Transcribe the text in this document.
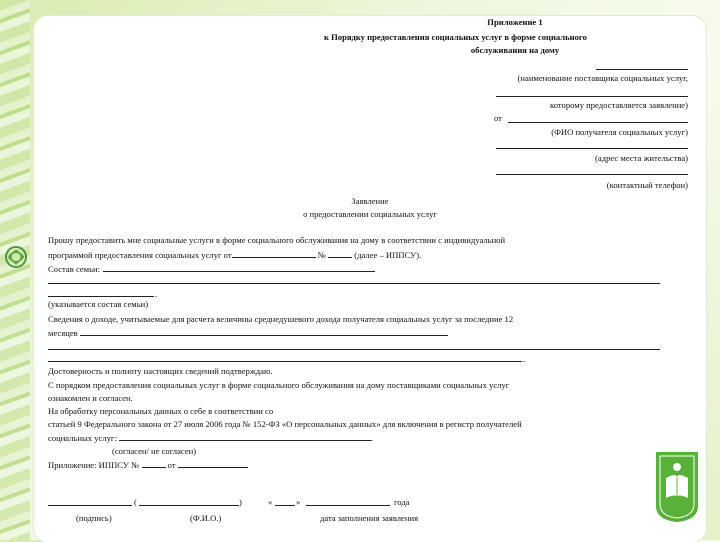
Приложение 1
к Порядку предоставления социальных услуг в форме социального
обслуживания на дому
(наименование поставщика социальных услуг,
которому предоставляется заявление)
от
(ФИО получателя социальных услуг)
(адрес места жительства)
(контактный телефон)
Заявление
о предоставлении социальных услуг
Прошу предоставить мне социальные услуги в форме социального обслуживания на дому в соответствии с индивидуальной
программой предоставления социальных услуг от	№	(далее – ИППСУ).
Состав семьи:
.
(указывается состав семьи)
Сведения о доходе, учитываемые для расчета величины среднедушевого дохода получателя социальных услуг за последние 12
месяцев
.
Достоверность и полноту настоящих сведений подтверждаю.
С порядком предоставления социальных услуг в форме социального обслуживания на дому поставщиками социальных услуг
ознакомлен и согласен.
На обработку персональных данных о себе в соответствии со
статьей 9 Федерального закона от 27 июля 2006 года № 152-ФЗ «О персональных данных» для включения в регистр получателей
социальных услуг:	.
(согласен/ не согласен)
Приложение: ИППСУ №	от
(	)	«	»	года
(подпись)	(Ф.И.О.)	дата заполнения заявления
